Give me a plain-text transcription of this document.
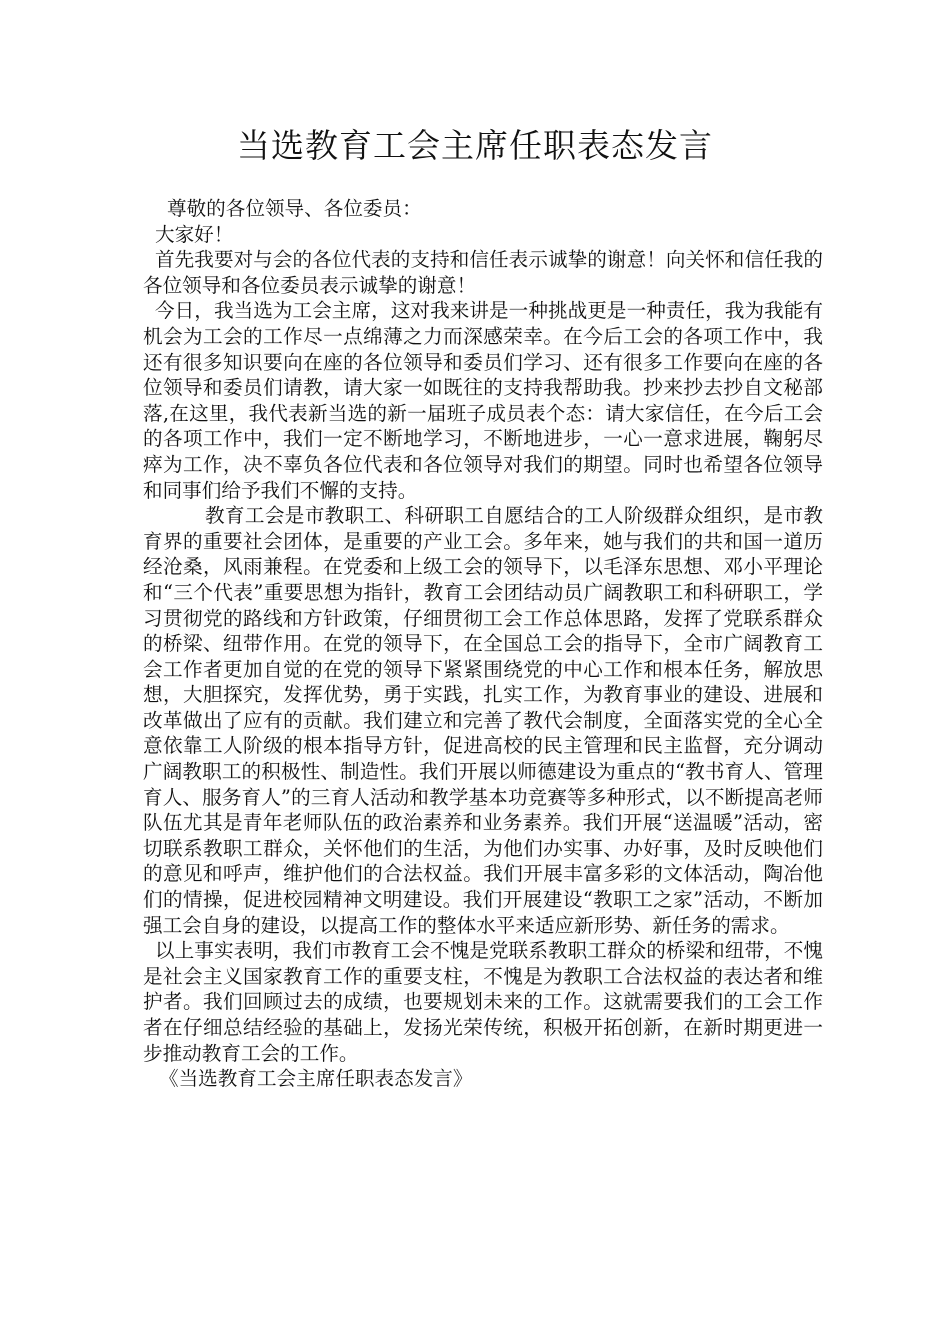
当选教育工会主席任职表态发言

尊敬的各位领导、各位委员：

大家好！

首先我要对与会的各位代表的支持和信任表示诚挚的谢意！向关怀和信任我的各位领导和各位委员表示诚挚的谢意！

今日，我当选为工会主席，这对我来讲是一种挑战更是一种责任，我为我能有机会为工会的工作尽一点绵薄之力而深感荣幸。在今后工会的各项工作中，我还有很多知识要向在座的各位领导和委员们学习、还有很多工作要向在座的各位领导和委员们请教，请大家一如既往的支持我帮助我。抄来抄去抄自文秘部落,在这里，我代表新当选的新一届班子成员表个态：请大家信任，在今后工会的各项工作中，我们一定不断地学习，不断地进步，一心一意求进展，鞠躬尽瘁为工作，决不辜负各位代表和各位领导对我们的期望。同时也希望各位领导和同事们给予我们不懈的支持。

教育工会是市教职工、科研职工自愿结合的工人阶级群众组织，是市教育界的重要社会团体，是重要的产业工会。多年来，她与我们的共和国一道历经沧桑，风雨兼程。在党委和上级工会的领导下，以毛泽东思想、邓小平理论和“三个代表”重要思想为指针，教育工会团结动员广阔教职工和科研职工，学习贯彻党的路线和方针政策，仔细贯彻工会工作总体思路，发挥了党联系群众的桥梁、纽带作用。在党的领导下，在全国总工会的指导下，全市广阔教育工会工作者更加自觉的在党的领导下紧紧围绕党的中心工作和根本任务，解放思想，大胆探究，发挥优势，勇于实践，扎实工作，为教育事业的建设、进展和改革做出了应有的贡献。我们建立和完善了教代会制度，全面落实党的全心全意依靠工人阶级的根本指导方针，促进高校的民主管理和民主监督，充分调动广阔教职工的积极性、制造性。我们开展以师德建设为重点的“教书育人、管理育人、服务育人”的三育人活动和教学基本功竞赛等多种形式，以不断提高老师队伍尤其是青年老师队伍的政治素养和业务素养。我们开展“送温暖”活动，密切联系教职工群众，关怀他们的生活，为他们办实事、办好事，及时反映他们的意见和呼声，维护他们的合法权益。我们开展丰富多彩的文体活动，陶冶他们的情操，促进校园精神文明建设。我们开展建设“教职工之家”活动，不断加强工会自身的建设，以提高工作的整体水平来适应新形势、新任务的需求。

以上事实表明，我们市教育工会不愧是党联系教职工群众的桥梁和纽带，不愧是社会主义国家教育工作的重要支柱，不愧是为教职工合法权益的表达者和维护者。我们回顾过去的成绩，也要规划未来的工作。这就需要我们的工会工作者在仔细总结经验的基础上，发扬光荣传统，积极开拓创新，在新时期更进一步推动教育工会的工作。

《当选教育工会主席任职表态发言》
